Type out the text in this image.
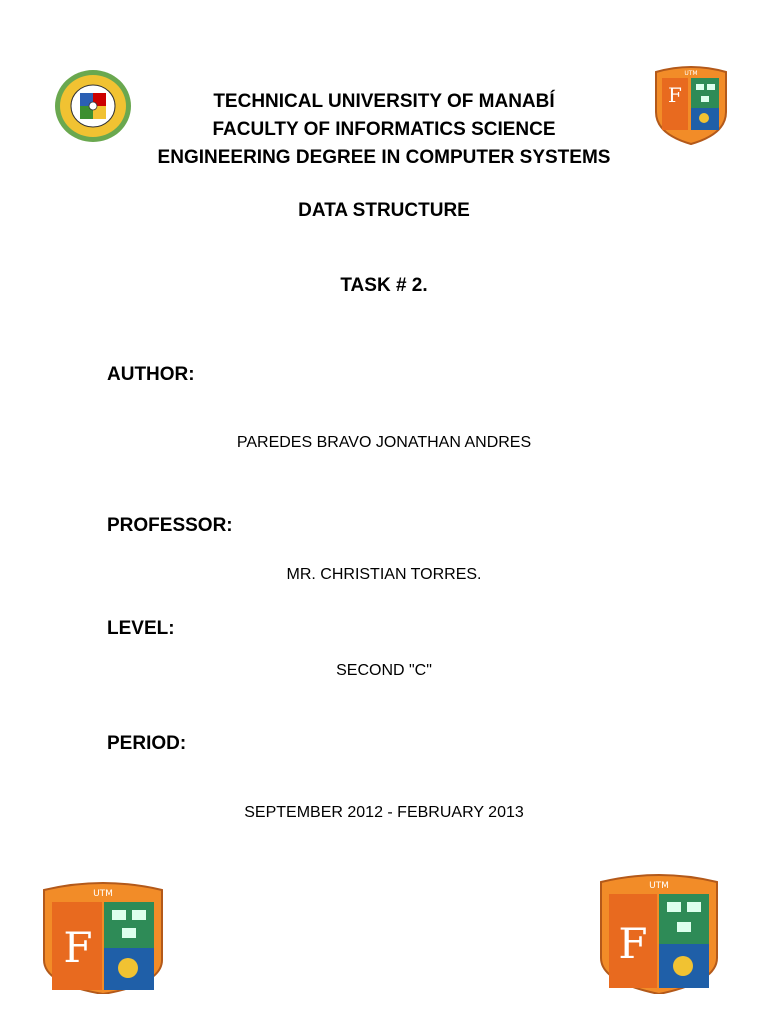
F
UTM
TECHNICAL UNIVERSITY OF MANABÍ
FACULTY OF INFORMATICS SCIENCE
ENGINEERING DEGREE IN COMPUTER SYSTEMS
DATA STRUCTURE
TASK # 2.
AUTHOR:
PAREDES BRAVO JONATHAN ANDRES
PROFESSOR:
MR. CHRISTIAN TORRES.
LEVEL:
SECOND "C"
PERIOD:
SEPTEMBER 2012 - FEBRUARY 2013
F
UTM
F
UTM
